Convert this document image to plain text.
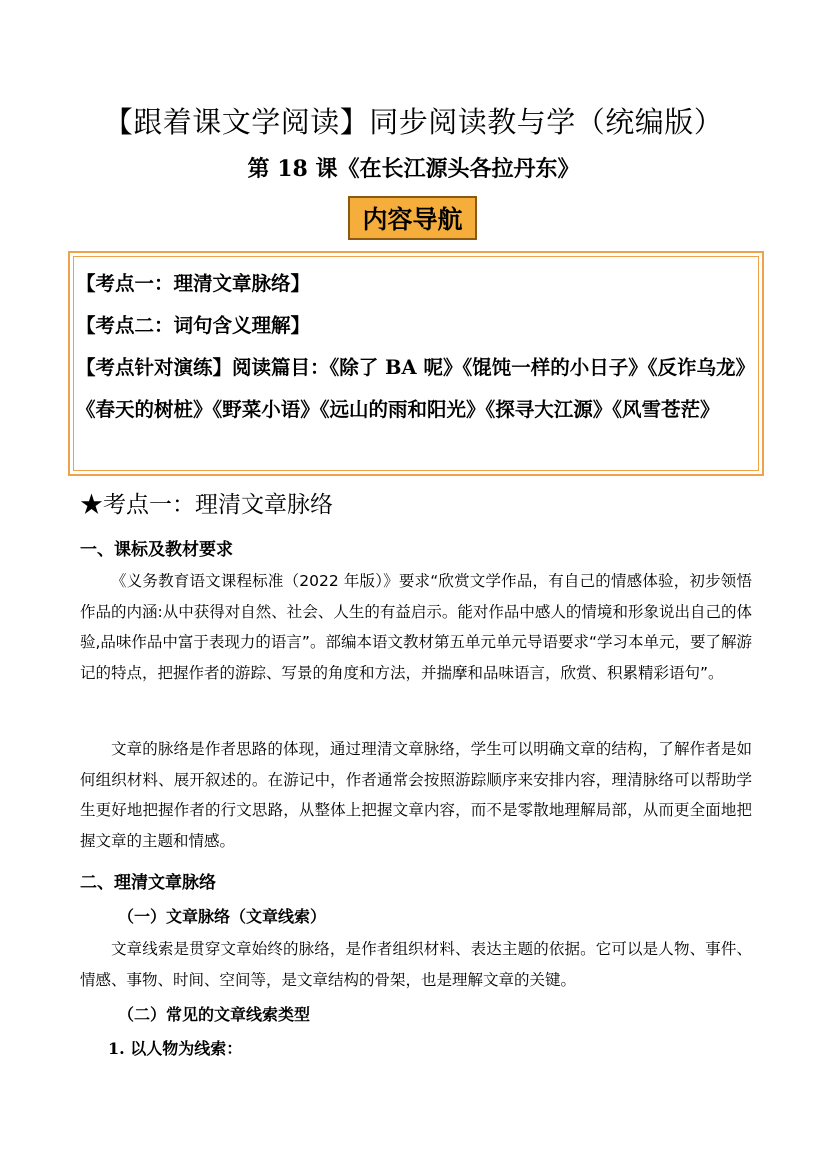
【跟着课文学阅读】同步阅读教与学（统编版）
第 18 课《在长江源头各拉丹东》
内容导航
【考点一：理清文章脉络】
【考点二：词句含义理解】
【考点针对演练】阅读篇目：《除了 BA 呢》《馄饨一样的小日子》《反诈乌龙》《春天的树桩》《野菜小语》《远山的雨和阳光》《探寻大江源》《风雪苍茫》
★考点一：理清文章脉络
一、课标及教材要求
《义务教育语文课程标准（2022 年版）》要求“欣赏文学作品，有自己的情感体验，初步领悟作品的内涵:从中获得对自然、社会、人生的有益启示。能对作品中感人的情境和形象说出自己的体验,品味作品中富于表现力的语言”。部编本语文教材第五单元单元导语要求“学习本单元，要了解游记的特点，把握作者的游踪、写景的角度和方法，并揣摩和品味语言，欣赏、积累精彩语句”。
文章的脉络是作者思路的体现，通过理清文章脉络，学生可以明确文章的结构，了解作者是如何组织材料、展开叙述的。在游记中，作者通常会按照游踪顺序来安排内容，理清脉络可以帮助学生更好地把握作者的行文思路，从整体上把握文章内容，而不是零散地理解局部，从而更全面地把握文章的主题和情感。
二、理清文章脉络
（一）文章脉络（文章线索）
文章线索是贯穿文章始终的脉络，是作者组织材料、表达主题的依据。它可以是人物、事件、情感、事物、时间、空间等，是文章结构的骨架，也是理解文章的关键。
（二）常见的文章线索类型
1. 以人物为线索：
